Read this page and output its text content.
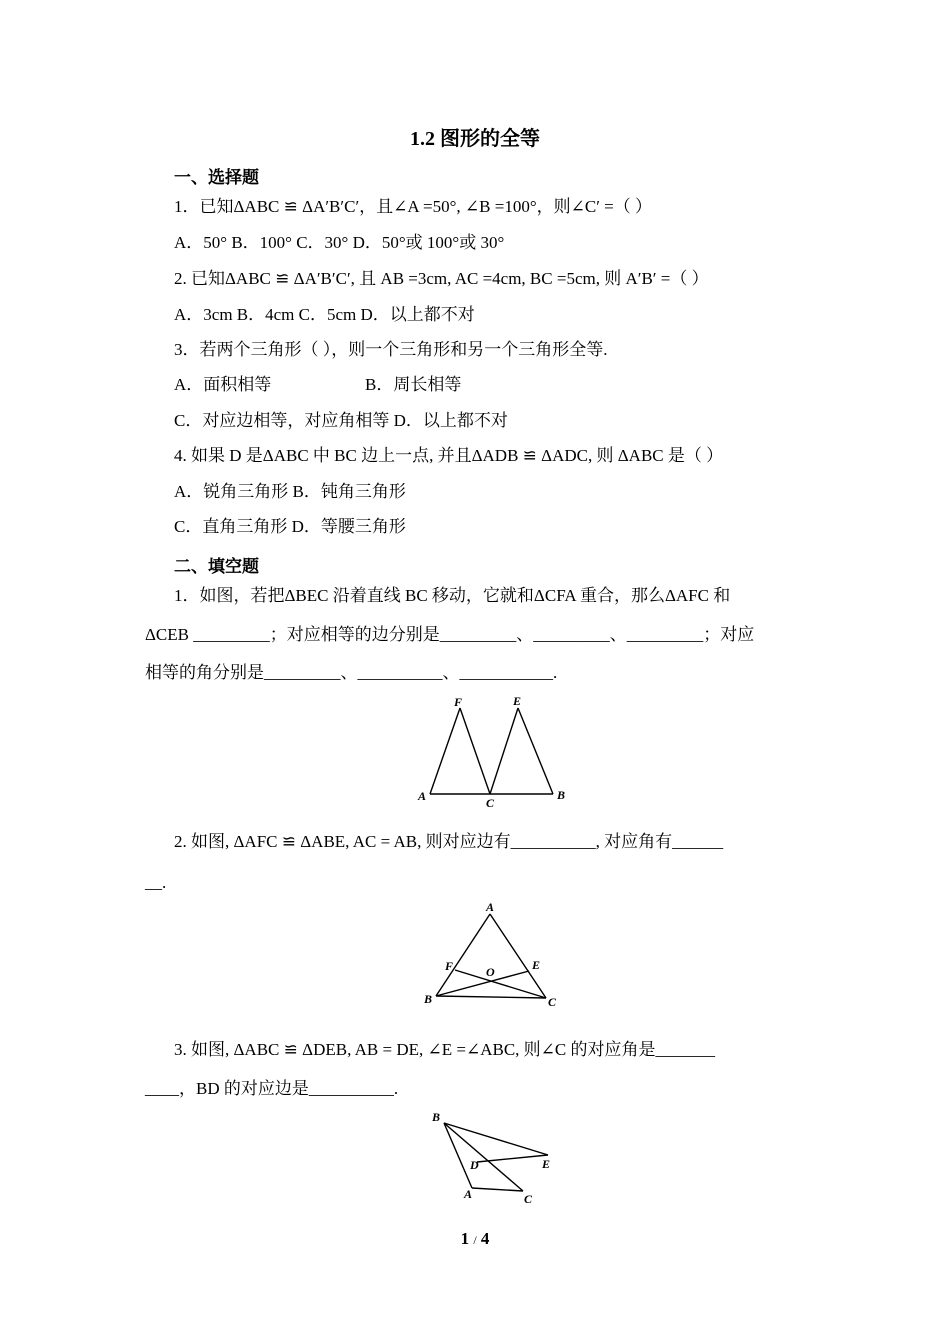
1.2 图形的全等
一、选择题
1．已知ΔABC ≌ ΔA′B′C′，且∠A =50°, ∠B =100°，则∠C′ =（ ）
A．50° B．100° C．30° D．50°或 100°或 30°
2. 已知ΔABC ≌ ΔA′B′C′, 且 AB =3cm, AC =4cm, BC =5cm, 则 A′B′ =（ ）
A．3cm B．4cm C．5cm D．以上都不对
3．若两个三角形（ ），则一个三角形和另一个三角形全等.
A．面积相等	B．周长相等
C．对应边相等，对应角相等 D．以上都不对
4. 如果 D 是ΔABC 中 BC 边上一点, 并且ΔADB ≌ ΔADC, 则 ΔABC 是（ ）
A．锐角三角形 B．钝角三角形
C．直角三角形 D．等腰三角形
二、填空题
1．如图，若把ΔBEC 沿着直线 BC 移动，它就和ΔCFA 重合，那么ΔAFC 和
ΔCEB _________；对应相等的边分别是_________、_________、_________；对应
相等的角分别是_________、__________、___________.
F	E
A	C
B
2. 如图, ΔAFC ≌ ΔABE, AC = AB, 则对应边有__________, 对应角有______
__.
A
F	O	E
B	C
3. 如图, ΔABC ≌ ΔDEB, AB = DE, ∠E =∠ABC, 则∠C 的对应角是_______
____，BD 的对应边是__________.
B
D	E
A	C
1 / 4
